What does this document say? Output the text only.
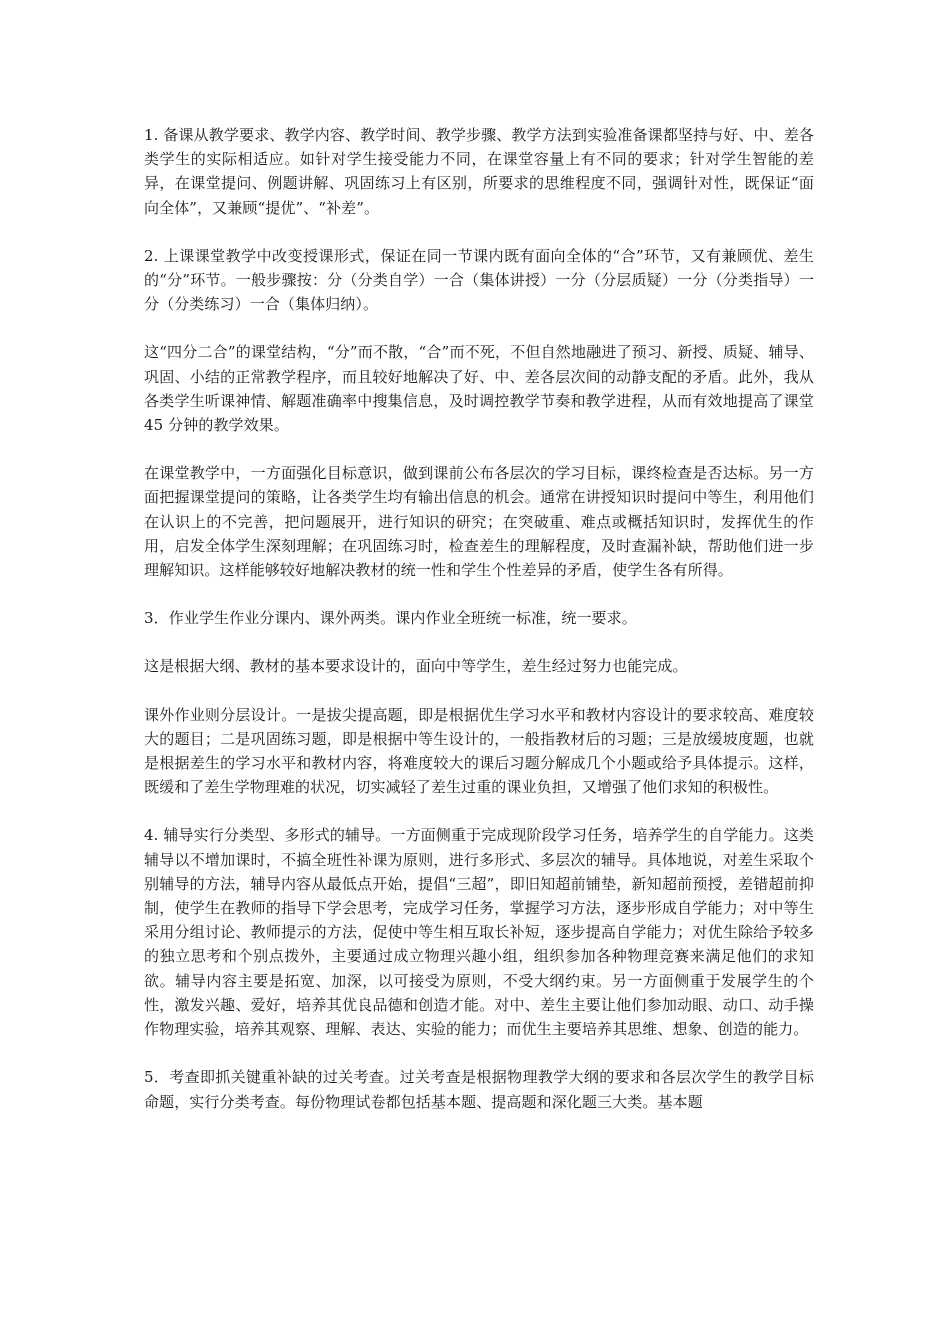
1. 备课从教学要求、教学内容、教学时间、教学步骤、教学方法到实验准备课都坚持与好、中、差各类学生的实际相适应。如针对学生接受能力不同，在课堂容量上有不同的要求；针对学生智能的差异，在课堂提问、例题讲解、巩固练习上有区别，所要求的思维程度不同，强调针对性，既保证“面向全体”，又兼顾“提优”、“补差”。

2. 上课课堂教学中改变授课形式，保证在同一节课内既有面向全体的“合”环节，又有兼顾优、差生的“分”环节。一般步骤按：分（分类自学）一合（集体讲授）一分（分层质疑）一分（分类指导）一分（分类练习）一合（集体归纳）。

这“四分二合”的课堂结构，“分”而不散，“合”而不死，不但自然地融进了预习、新授、质疑、辅导、巩固、小结的正常教学程序，而且较好地解决了好、中、差各层次间的动静支配的矛盾。此外，我从各类学生听课神情、解题准确率中搜集信息，及时调控教学节奏和教学进程，从而有效地提高了课堂 45 分钟的教学效果。

在课堂教学中，一方面强化目标意识，做到课前公布各层次的学习目标，课终检查是否达标。另一方面把握课堂提问的策略，让各类学生均有输出信息的机会。通常在讲授知识时提问中等生，利用他们在认识上的不完善，把问题展开，进行知识的研究；在突破重、难点或概括知识时，发挥优生的作用，启发全体学生深刻理解；在巩固练习时，检查差生的理解程度，及时查漏补缺，帮助他们进一步理解知识。这样能够较好地解决教材的统一性和学生个性差异的矛盾，使学生各有所得。

3．作业学生作业分课内、课外两类。课内作业全班统一标准，统一要求。

这是根据大纲、教材的基本要求设计的，面向中等学生，差生经过努力也能完成。

课外作业则分层设计。一是拔尖提高题，即是根据优生学习水平和教材内容设计的要求较高、难度较大的题目；二是巩固练习题，即是根据中等生设计的，一般指教材后的习题；三是放缓坡度题，也就是根据差生的学习水平和教材内容，将难度较大的课后习题分解成几个小题或给予具体提示。这样，既缓和了差生学物理难的状况，切实减轻了差生过重的课业负担，又增强了他们求知的积极性。

4. 辅导实行分类型、多形式的辅导。一方面侧重于完成现阶段学习任务，培养学生的自学能力。这类辅导以不增加课时，不搞全班性补课为原则，进行多形式、多层次的辅导。具体地说，对差生采取个别辅导的方法，辅导内容从最低点开始，提倡“三超”，即旧知超前铺垫，新知超前预授，差错超前抑制，使学生在教师的指导下学会思考，完成学习任务，掌握学习方法，逐步形成自学能力；对中等生采用分组讨论、教师提示的方法，促使中等生相互取长补短，逐步提高自学能力；对优生除给予较多的独立思考和个别点拨外，主要通过成立物理兴趣小组，组织参加各种物理竞赛来满足他们的求知欲。辅导内容主要是拓宽、加深，以可接受为原则，不受大纲约束。另一方面侧重于发展学生的个性，激发兴趣、爱好，培养其优良品德和创造才能。对中、差生主要让他们参加动眼、动口、动手操作物理实验，培养其观察、理解、表达、实验的能力；而优生主要培养其思维、想象、创造的能力。

5．考查即抓关键重补缺的过关考查。过关考查是根据物理教学大纲的要求和各层次学生的教学目标命题，实行分类考查。每份物理试卷都包括基本题、提高题和深化题三大类。基本题
